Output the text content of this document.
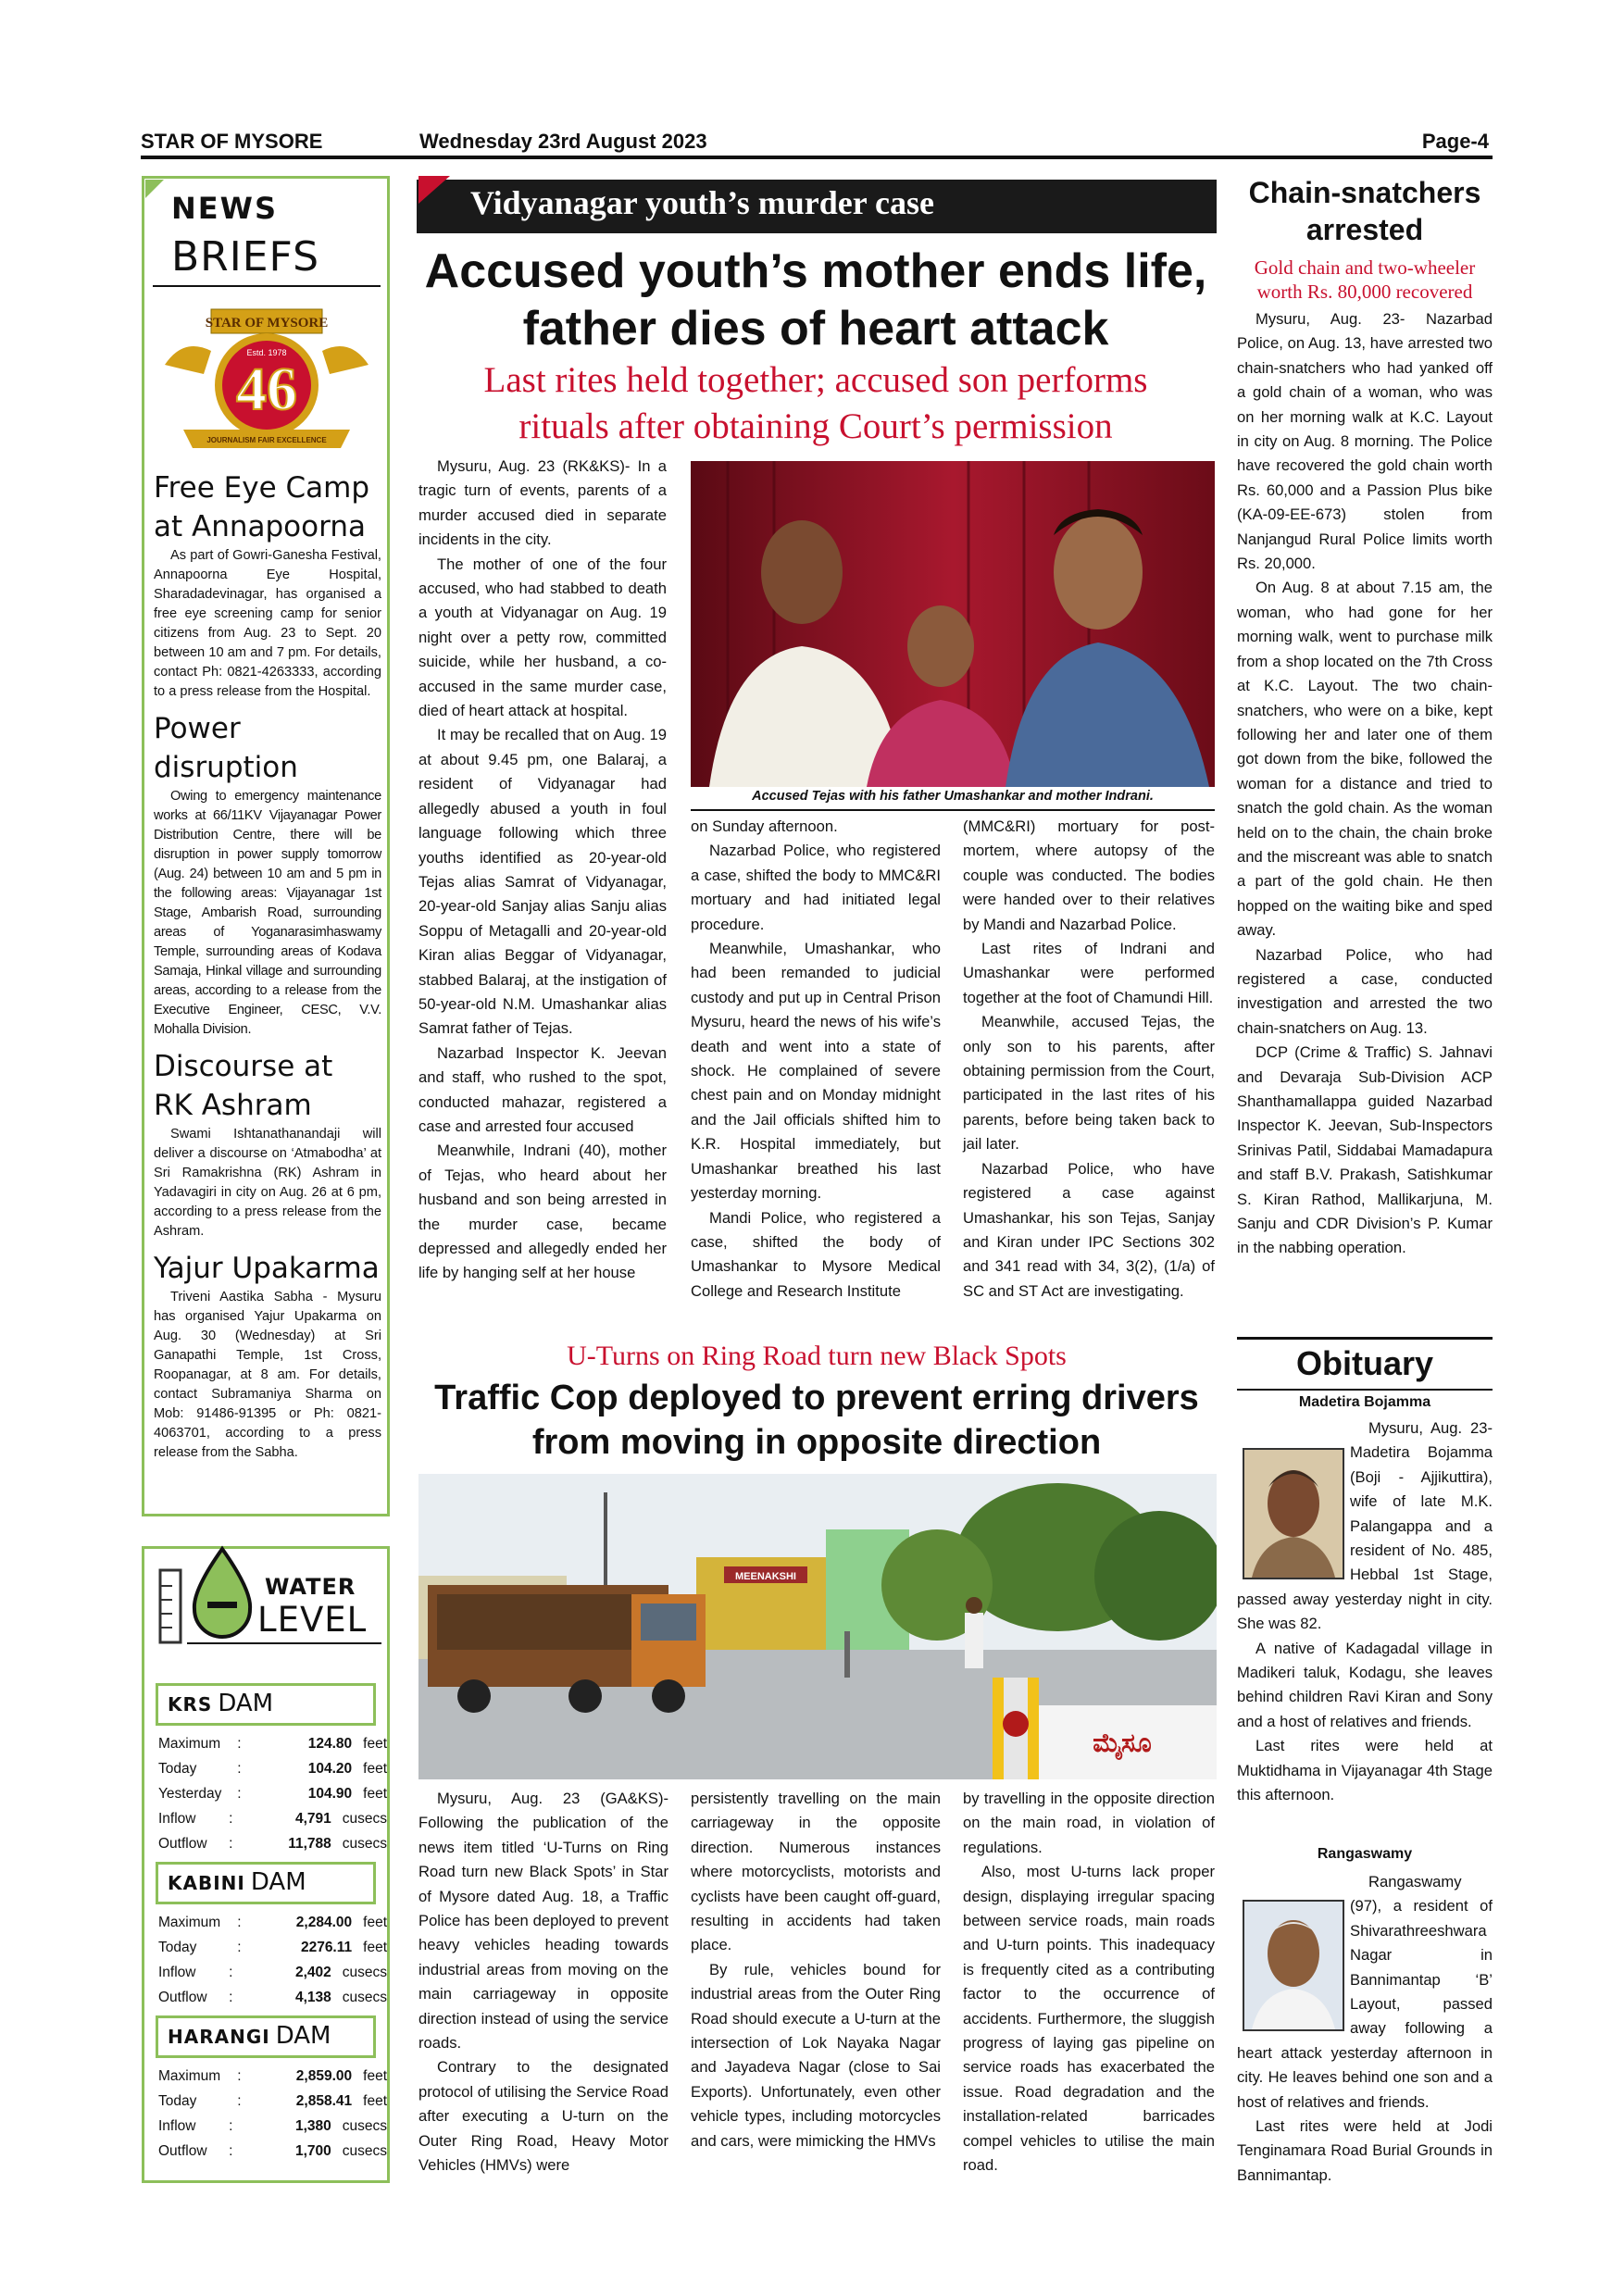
STAR OF MYSORE	Wednesday 23rd August 2023	Page-4
NEWS
BRIEFS
STAR OF MYSORE
Estd. 1978
46
JOURNALISM FAIR EXCELLENCE
Free Eye Camp
at Annapoorna

As part of Gowri-Ganesha Festival, Annapoorna Eye Hospital, Sharadadevinagar, has organised a free eye screening camp for senior citizens from Aug. 23 to Sept. 20 between 10 am and 7 pm. For details, contact Ph: 0821-4263333, according to a press release from the Hospital.

Power disruption

Owing to emergency maintenance works at 66/11KV Vijayanagar Power Distribution Centre, there will be disruption in power supply tomorrow (Aug. 24) between 10 am and 5 pm in the following areas: Vijayanagar 1st Stage, Ambarish Road, surrounding areas of Yoganarasimhaswamy Temple, surrounding areas of Kodava Samaja, Hinkal village and surrounding areas, according to a release from the Executive Engineer, CESC, V.V. Mohalla Division.

Discourse at
RK Ashram

Swami Ishtanathanandaji will deliver a discourse on ‘Atmabodha’ at Sri Ramakrishna (RK) Ashram in Yadavagiri in city on Aug. 26 at 6 pm, according to a press release from the Ashram.

Yajur Upakarma

Triveni Aastika Sabha - Mysuru has organised Yajur Upakarma on Aug. 30 (Wednesday) at Sri Ganapathi Temple, 1st Cross, Roopanagar, at 8 am. For details, contact Subramaniya Sharma on Mob: 91486-91395 or Ph: 0821-4063701, according to a press release from the Sabha.

WATER
LEVEL
KRS DAM
Maximum	:	124.80 feet
Today	:	104.20 feet
Yesterday	:	104.90 feet
Inflow	:	4,791 cusecs
Outflow	:	11,788 cusecs
KABINI DAM
Maximum	:	2,284.00 feet
Today	:	2276.11 feet
Inflow	:	2,402 cusecs
Outflow	:	4,138 cusecs
HARANGI DAM
Maximum	:	2,859.00 feet
Today	:	2,858.41 feet
Inflow	:	1,380 cusecs
Outflow	:	1,700 cusecs
Vidyanagar youth’s murder case
Accused youth’s mother ends life,
father dies of heart attack
Last rites held together; accused son performs
rituals after obtaining Court’s permission

Mysuru, Aug. 23 (RK&KS)- In a tragic turn of events, parents of a murder accused died in separate incidents in the city.

The mother of one of the four accused, who had stabbed to death a youth at Vidyanagar on Aug. 19 night over a petty row, committed suicide, while her husband, a co-accused in the same murder case, died of heart attack at hospital.

It may be recalled that on Aug. 19 at about 9.45 pm, one Balaraj, a resident of Vidyanagar had allegedly abused a youth in foul language following which three youths identified as 20-year-old Tejas alias Samrat of Vidyanagar, 20-year-old Sanjay alias Sanju alias Soppu of Metagalli and 20-year-old Kiran alias Beggar of Vidyanagar, stabbed Balaraj, at the instigation of 50-year-old N.M. Umashankar alias Samrat father of Tejas.

Nazarbad Inspector K. Jeevan and staff, who rushed to the spot, conducted mahazar, registered a case and arrested four accused

Meanwhile, Indrani (40), mother of Tejas, who heard about her husband and son being arrested in the murder case, became depressed and allegedly ended her life by hanging self at her house

Accused Tejas with his father Umashankar and mother Indrani.

on Sunday afternoon.

Nazarbad Police, who registered a case, shifted the body to MMC&RI mortuary and had initiated legal procedure.

Meanwhile, Umashankar, who had been remanded to judicial custody and put up in Central Prison Mysuru, heard the news of his wife’s death and went into a state of shock. He complained of severe chest pain and on Monday midnight and the Jail officials shifted him to K.R. Hospital immediately, but Umashankar breathed his last yesterday morning.

Mandi Police, who registered a case, shifted the body of Umashankar to Mysore Medical College and Research Institute

(MMC&RI) mortuary for post-mortem, where autopsy of the couple was conducted. The bodies were handed over to their relatives by Mandi and Nazarbad Police.

Last rites of Indrani and Umashankar were performed together at the foot of Chamundi Hill.

Meanwhile, accused Tejas, the only son to his parents, after obtaining permission from the Court, participated in the last rites of his parents, before being taken back to jail later.

Nazarbad Police, who have registered a case against Umashankar, his son Tejas, Sanjay and Kiran under IPC Sections 302 and 341 read with 34, 3(2), (1/a) of SC and ST Act are investigating.

Chain-snatchers
arrested
Gold chain and two-wheeler
worth Rs. 80,000 recovered

Mysuru, Aug. 23- Nazarbad Police, on Aug. 13, have arrested two chain-snatchers who had yanked off a gold chain of a woman, who was on her morning walk at K.C. Layout in city on Aug. 8 morning. The Police have recovered the gold chain worth Rs. 60,000 and a Passion Plus bike (KA-09-EE-673) stolen from Nanjangud Rural Police limits worth Rs. 20,000.

On Aug. 8 at about 7.15 am, the woman, who had gone for her morning walk, went to purchase milk from a shop located on the 7th Cross at K.C. Layout. The two chain-snatchers, who were on a bike, kept following her and later one of them got down from the bike, followed the woman for a distance and tried to snatch the gold chain. As the woman held on to the chain, the chain broke and the miscreant was able to snatch a part of the gold chain. He then hopped on the waiting bike and sped away.

Nazarbad Police, who had registered a case, conducted investigation and arrested the two chain-snatchers on Aug. 13.

DCP (Crime & Traffic) S. Jahnavi and Devaraja Sub-Division ACP Shanthamallappa guided Nazarbad Inspector K. Jeevan, Sub-Inspectors Srinivas Patil, Siddabai Mamadapura and staff B.V. Prakash, Satishkumar S. Kiran Rathod, Mallikarjuna, M. Sanju and CDR Division’s P. Kumar in the nabbing operation.

Obituary
Madetira Bojamma

Mysuru, Aug. 23- Madetira Bojamma (Boji - Ajjikuttira), wife of late M.K. Palangappa and a resident of No. 485, Hebbal 1st Stage, passed away yesterday night in city. She was 82.

A native of Kadagadal village in Madikeri taluk, Kodagu, she leaves behind children Ravi Kiran and Sony and a host of relatives and friends.

Last rites were held at Muktidhama in Vijayanagar 4th Stage this afternoon.

Rangaswamy

Rangaswamy (97), a resident of Shivarathreeshwara Nagar in Bannimantap ‘B’ Layout, passed away following a heart attack yesterday afternoon in city. He leaves behind one son and a host of relatives and friends.

Last rites were held at Jodi Tenginamara Road Burial Grounds in Bannimantap.

U-Turns on Ring Road turn new Black Spots
Traffic Cop deployed to prevent erring drivers
from moving in opposite direction
MEENAKSHI
ಮೈಸೂ

Mysuru, Aug. 23 (GA&KS)- Following the publication of the news item titled ‘U-Turns on Ring Road turn new Black Spots’ in Star of Mysore dated Aug. 18, a Traffic Police has been deployed to prevent heavy vehicles heading towards industrial areas from moving on the main carriageway in opposite direction instead of using the service roads.

Contrary to the designated protocol of utilising the Service Road after executing a U-turn on the Outer Ring Road, Heavy Motor Vehicles (HMVs) were

persistently travelling on the main carriageway in the opposite direction. Numerous instances where motorcyclists, motorists and cyclists have been caught off-guard, resulting in accidents had taken place.

By rule, vehicles bound for industrial areas from the Outer Ring Road should execute a U-turn at the intersection of Lok Nayaka Nagar and Jayadeva Nagar (close to Sai Exports). Unfortunately, even other vehicle types, including motorcycles and cars, were mimicking the HMVs

by travelling in the opposite direction on the main road, in violation of regulations.

Also, most U-turns lack proper design, displaying irregular spacing between service roads, main roads and U-turn points. This inadequacy is frequently cited as a contributing factor to the occurrence of accidents. Furthermore, the sluggish progress of laying gas pipeline on service roads has exacerbated the issue. Road degradation and the installation-related barricades compel vehicles to utilise the main road.
